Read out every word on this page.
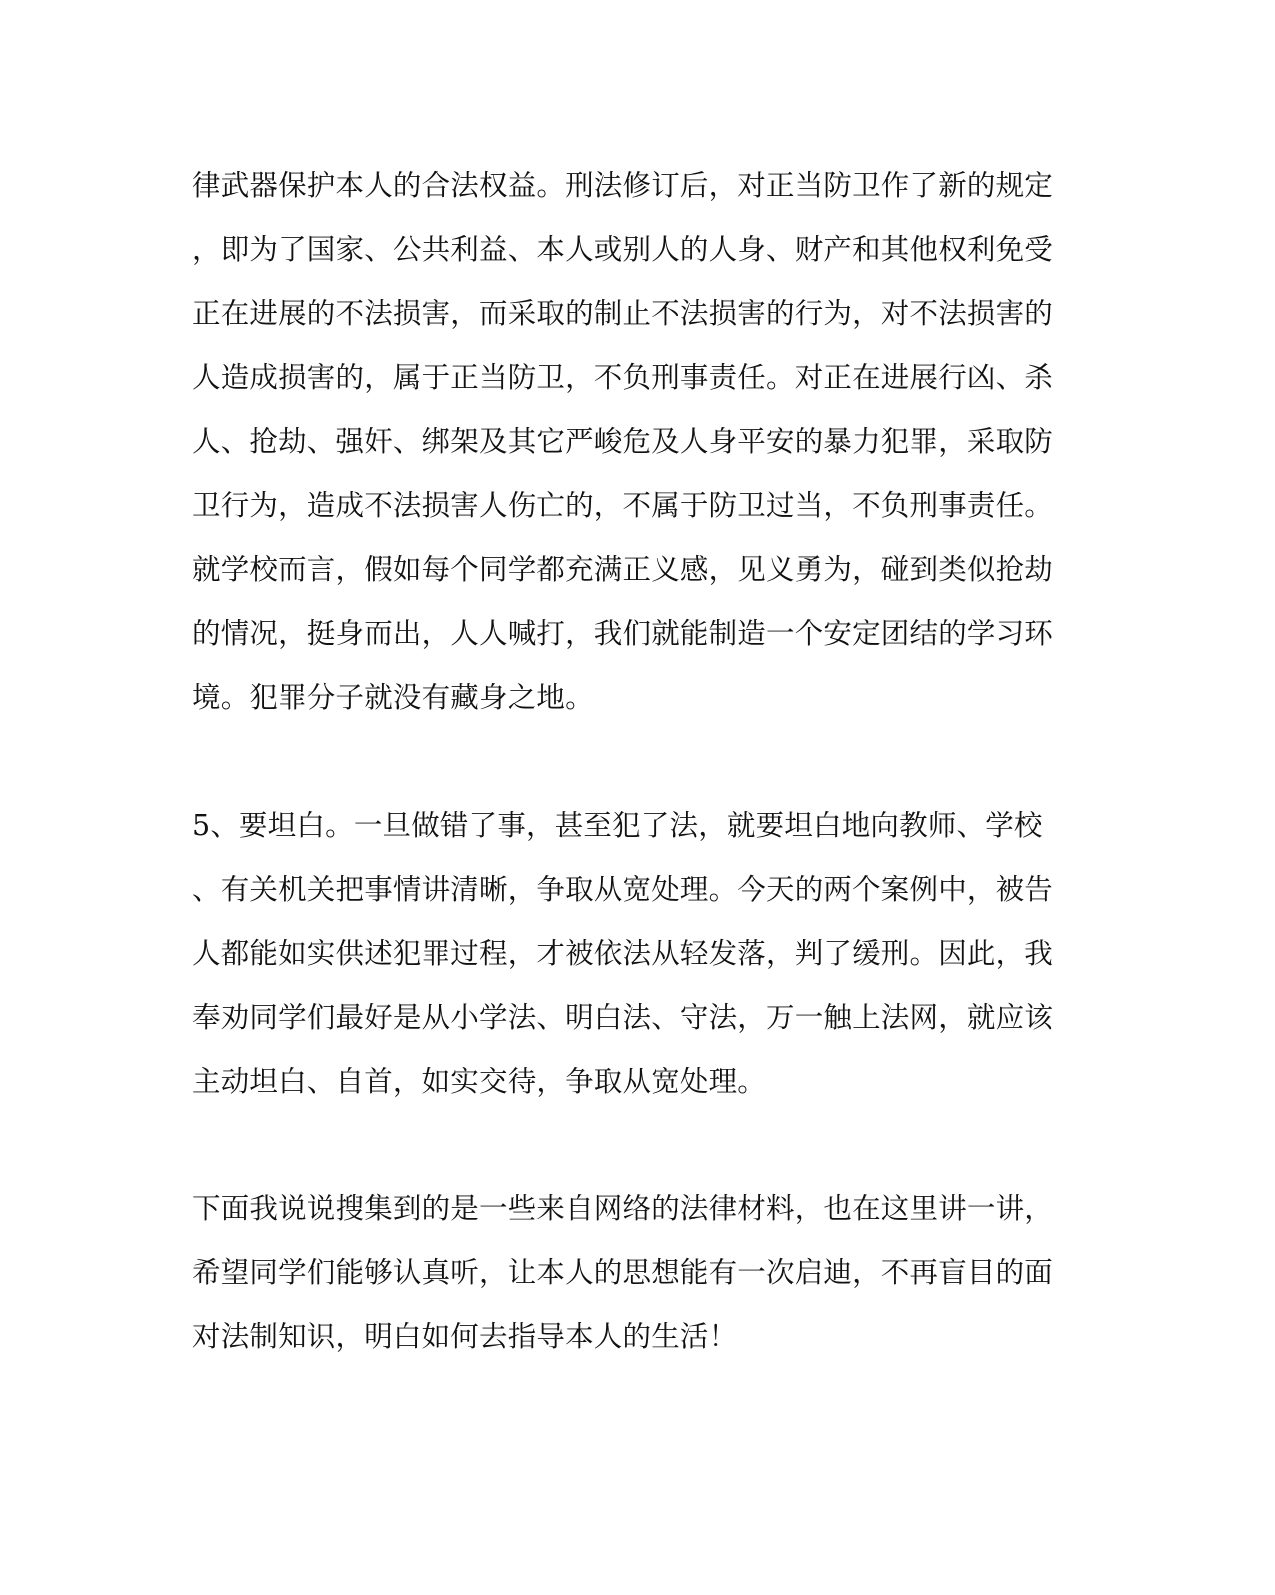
律武器保护本人的合法权益。刑法修订后，对正当防卫作了新的规定
，即为了国家、公共利益、本人或别人的人身、财产和其他权利免受
正在进展的不法损害，而采取的制止不法损害的行为，对不法损害的
人造成损害的，属于正当防卫，不负刑事责任。对正在进展行凶、杀
人、抢劫、强奸、绑架及其它严峻危及人身平安的暴力犯罪，采取防
卫行为，造成不法损害人伤亡的，不属于防卫过当，不负刑事责任。
就学校而言，假如每个同学都充满正义感，见义勇为，碰到类似抢劫
的情况，挺身而出，人人喊打，我们就能制造一个安定团结的学习环
境。犯罪分子就没有藏身之地。
5、要坦白。一旦做错了事，甚至犯了法，就要坦白地向教师、学校
、有关机关把事情讲清晰，争取从宽处理。今天的两个案例中，被告
人都能如实供述犯罪过程，才被依法从轻发落，判了缓刑。因此，我
奉劝同学们最好是从小学法、明白法、守法，万一触上法网，就应该
主动坦白、自首，如实交待，争取从宽处理。
下面我说说搜集到的是一些来自网络的法律材料，也在这里讲一讲，
希望同学们能够认真听，让本人的思想能有一次启迪，不再盲目的面
对法制知识，明白如何去指导本人的生活！
